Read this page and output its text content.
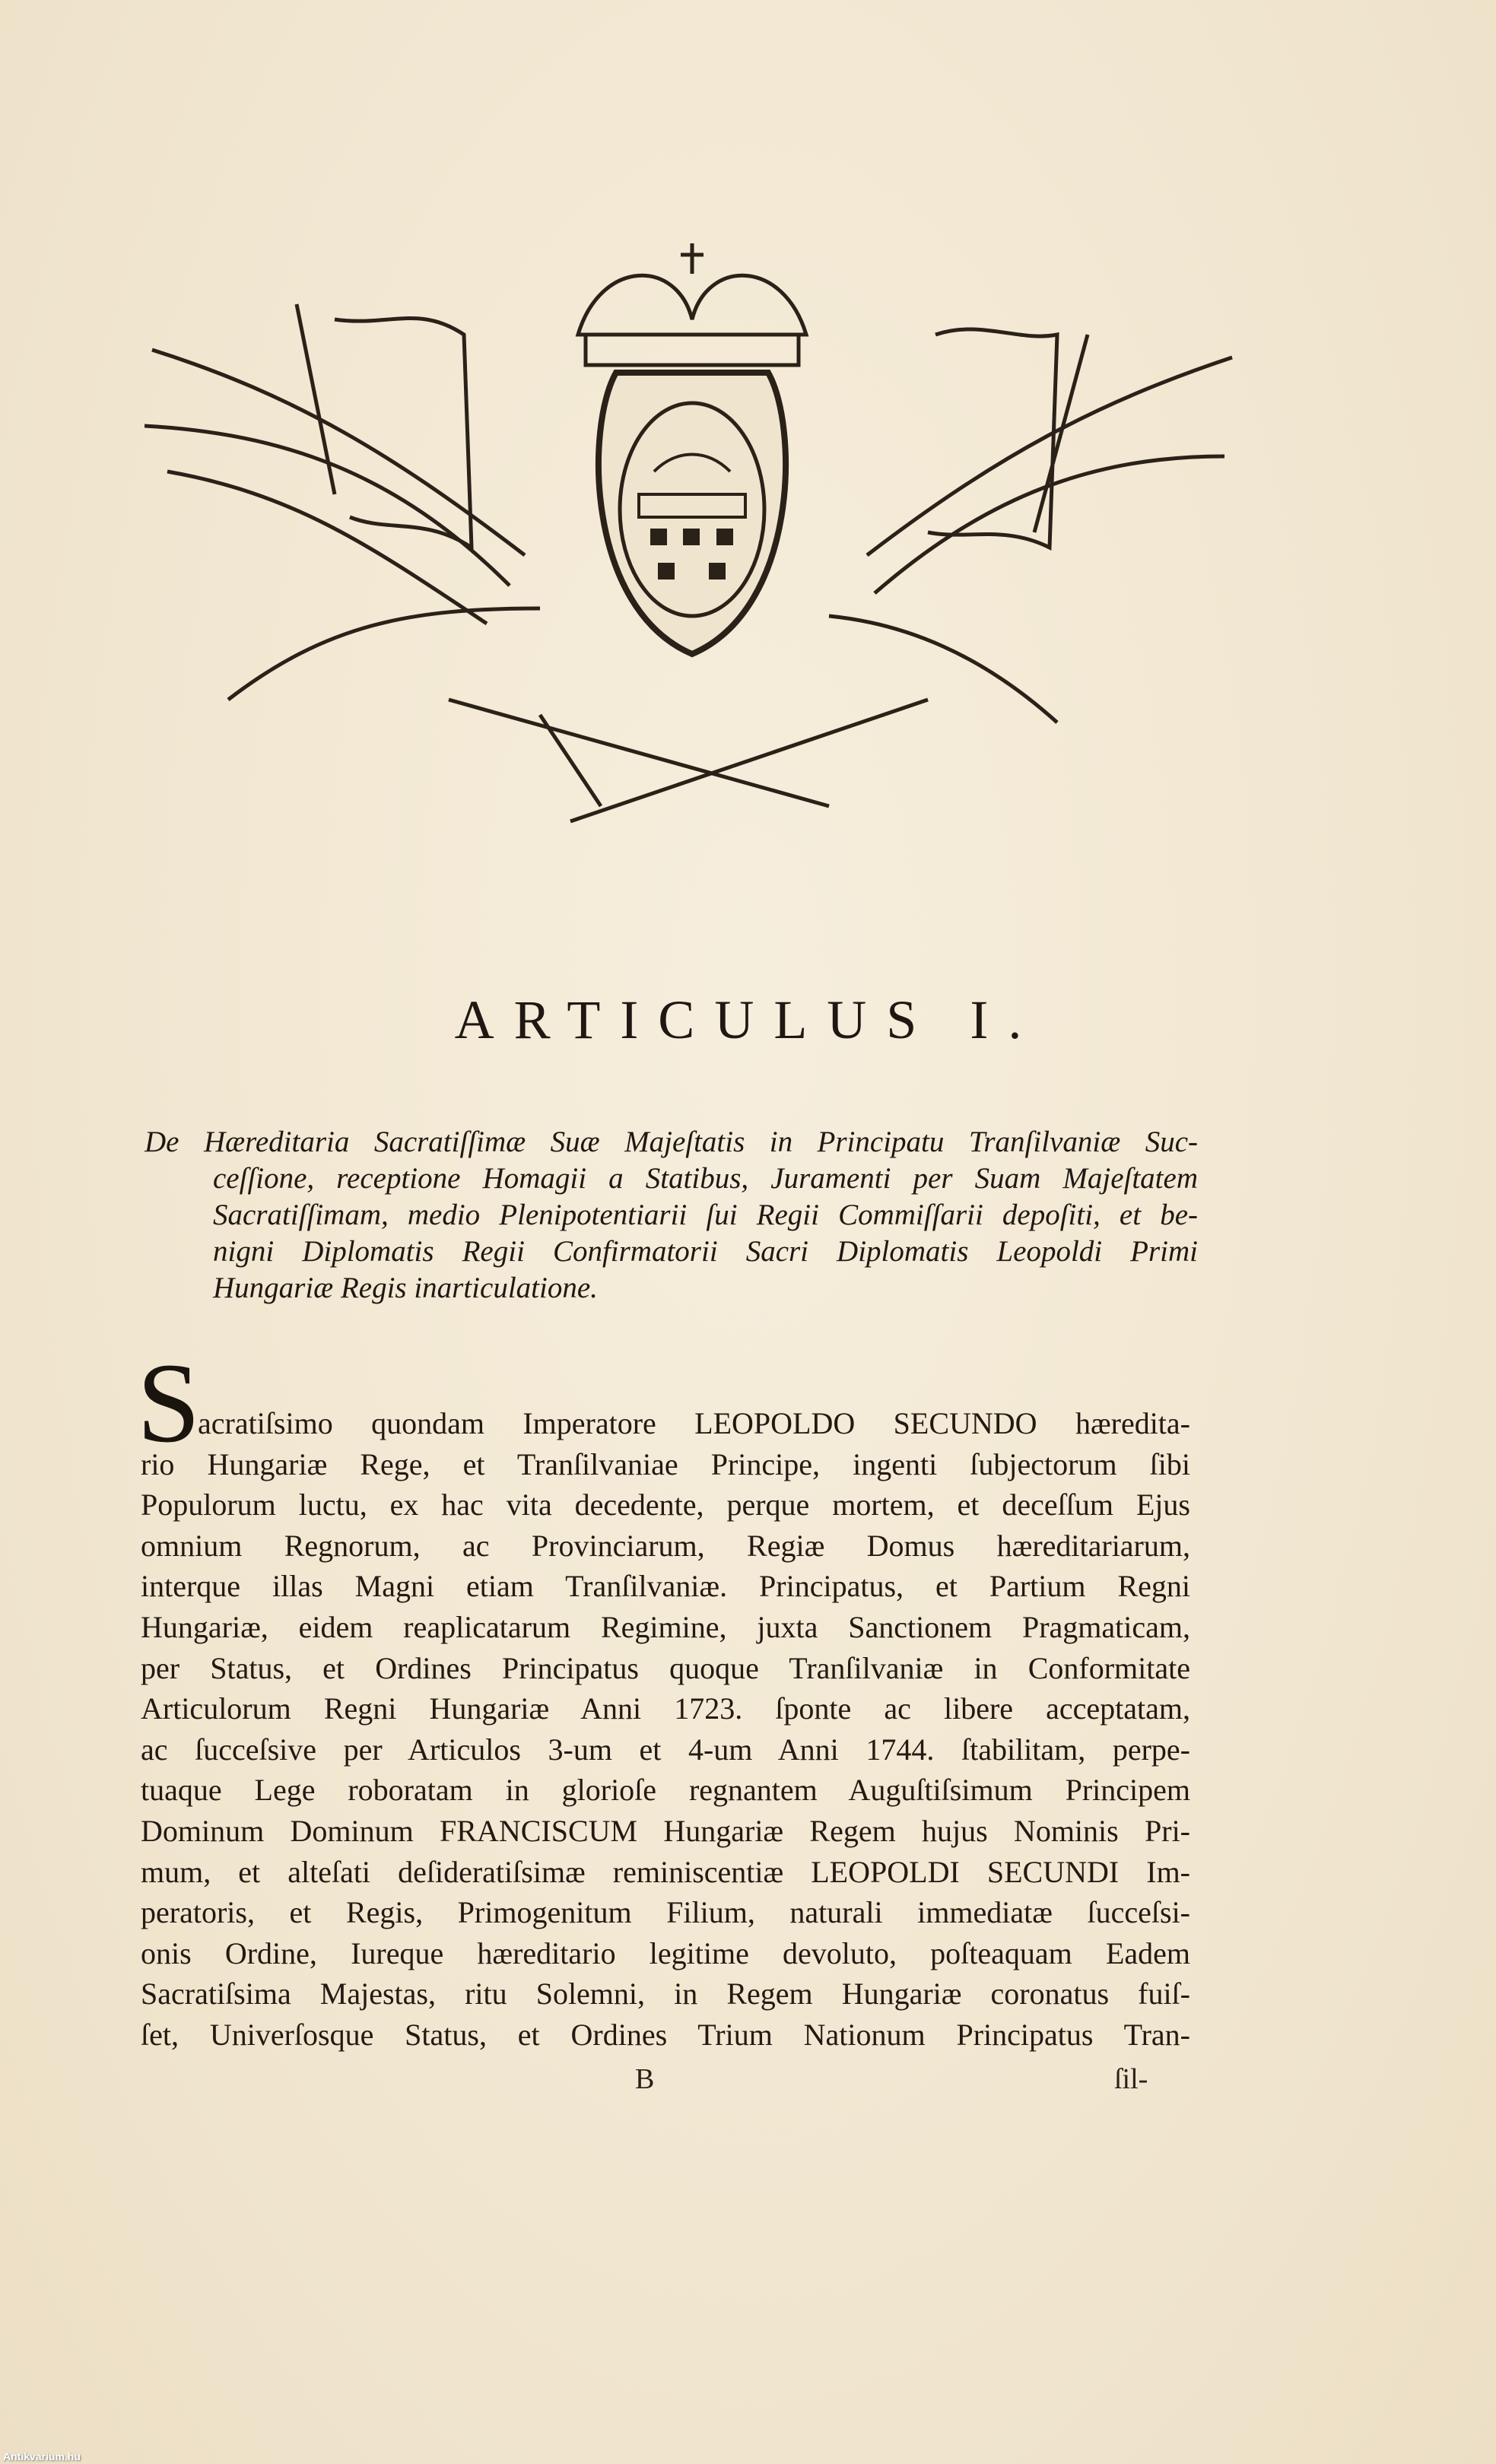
ARTICULUS I.
De Hæreditaria Sacratiſſimæ Suæ Majeſtatis in Principatu Tranſilvaniæ Suc-
ceſſione, receptione Homagii a Statibus, Juramenti per Suam Majeſtatem
Sacratiſſimam, medio Plenipotentiarii ſui Regii Commiſſarii depoſiti, et be-
nigni Diplomatis Regii Confirmatorii Sacri Diplomatis Leopoldi Primi
Hungariæ Regis inarticulatione.
S
acratiſsimo quondam Imperatore LEOPOLDO SECUNDO hæredita-
rio Hungariæ Rege, et Tranſilvaniae Principe, ingenti ſubjectorum ſibi
Populorum luctu, ex hac vita decedente, perque mortem, et deceſſum Ejus
omnium Regnorum, ac Provinciarum, Regiæ Domus hæreditariarum,
interque illas Magni etiam Tranſilvaniæ. Principatus, et Partium Regni
Hungariæ, eidem reaplicatarum Regimine, juxta Sanctionem Pragmaticam,
per Status, et Ordines Principatus quoque Tranſilvaniæ in Conformitate
Articulorum Regni Hungariæ Anni 1723. ſponte ac libere acceptatam,
ac ſucceſsive per Articulos 3-um et 4-um Anni 1744. ſtabilitam, perpe-
tuaque Lege roboratam in glorioſe regnantem Auguſtiſsimum Principem
Dominum Dominum FRANCISCUM Hungariæ Regem hujus Nominis Pri-
mum, et alteſati deſideratiſsimæ reminiscentiæ LEOPOLDI SECUNDI Im-
peratoris, et Regis, Primogenitum Filium, naturali immediatæ ſucceſsi-
onis Ordine, Iureque hæreditario legitime devoluto, poſteaquam Eadem
Sacratiſsima Majestas, ritu Solemni, in Regem Hungariæ coronatus fuiſ-
ſet, Univerſosque Status, et Ordines Trium Nationum Principatus Tran-
B	ſil-
Antikvarium.hu
